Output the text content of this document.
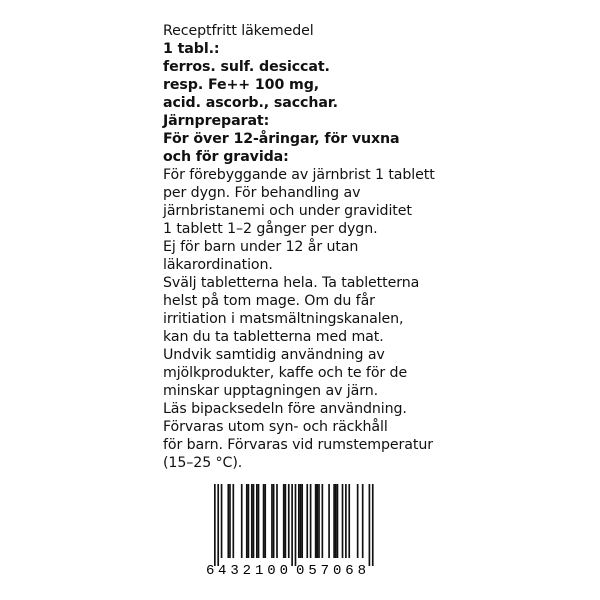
Receptfritt läkemedel
1 tabl.:
ferros. sulf. desiccat.
resp. Fe++ 100 mg,
acid. ascorb., sacchar.
Järnpreparat:
För över 12-åringar, för vuxna
och för gravida:
För förebyggande av järnbrist 1 tablett
per dygn. För behandling av
järnbristanemi och under graviditet
1 tablett 1–2 gånger per dygn.
Ej för barn under 12 år utan
läkarordination.
Svälj tabletterna hela. Ta tabletterna
helst på tom mage. Om du får
irritiation i matsmältningskanalen,
kan du ta tabletterna med mat.
Undvik samtidig användning av
mjölkprodukter, kaffe och te för de
minskar upptagningen av järn.
Läs bipacksedeln före användning.
Förvaras utom syn- och räckhåll
för barn. Förvaras vid rumstemperatur
(15–25 °C).
6 432100 057068
